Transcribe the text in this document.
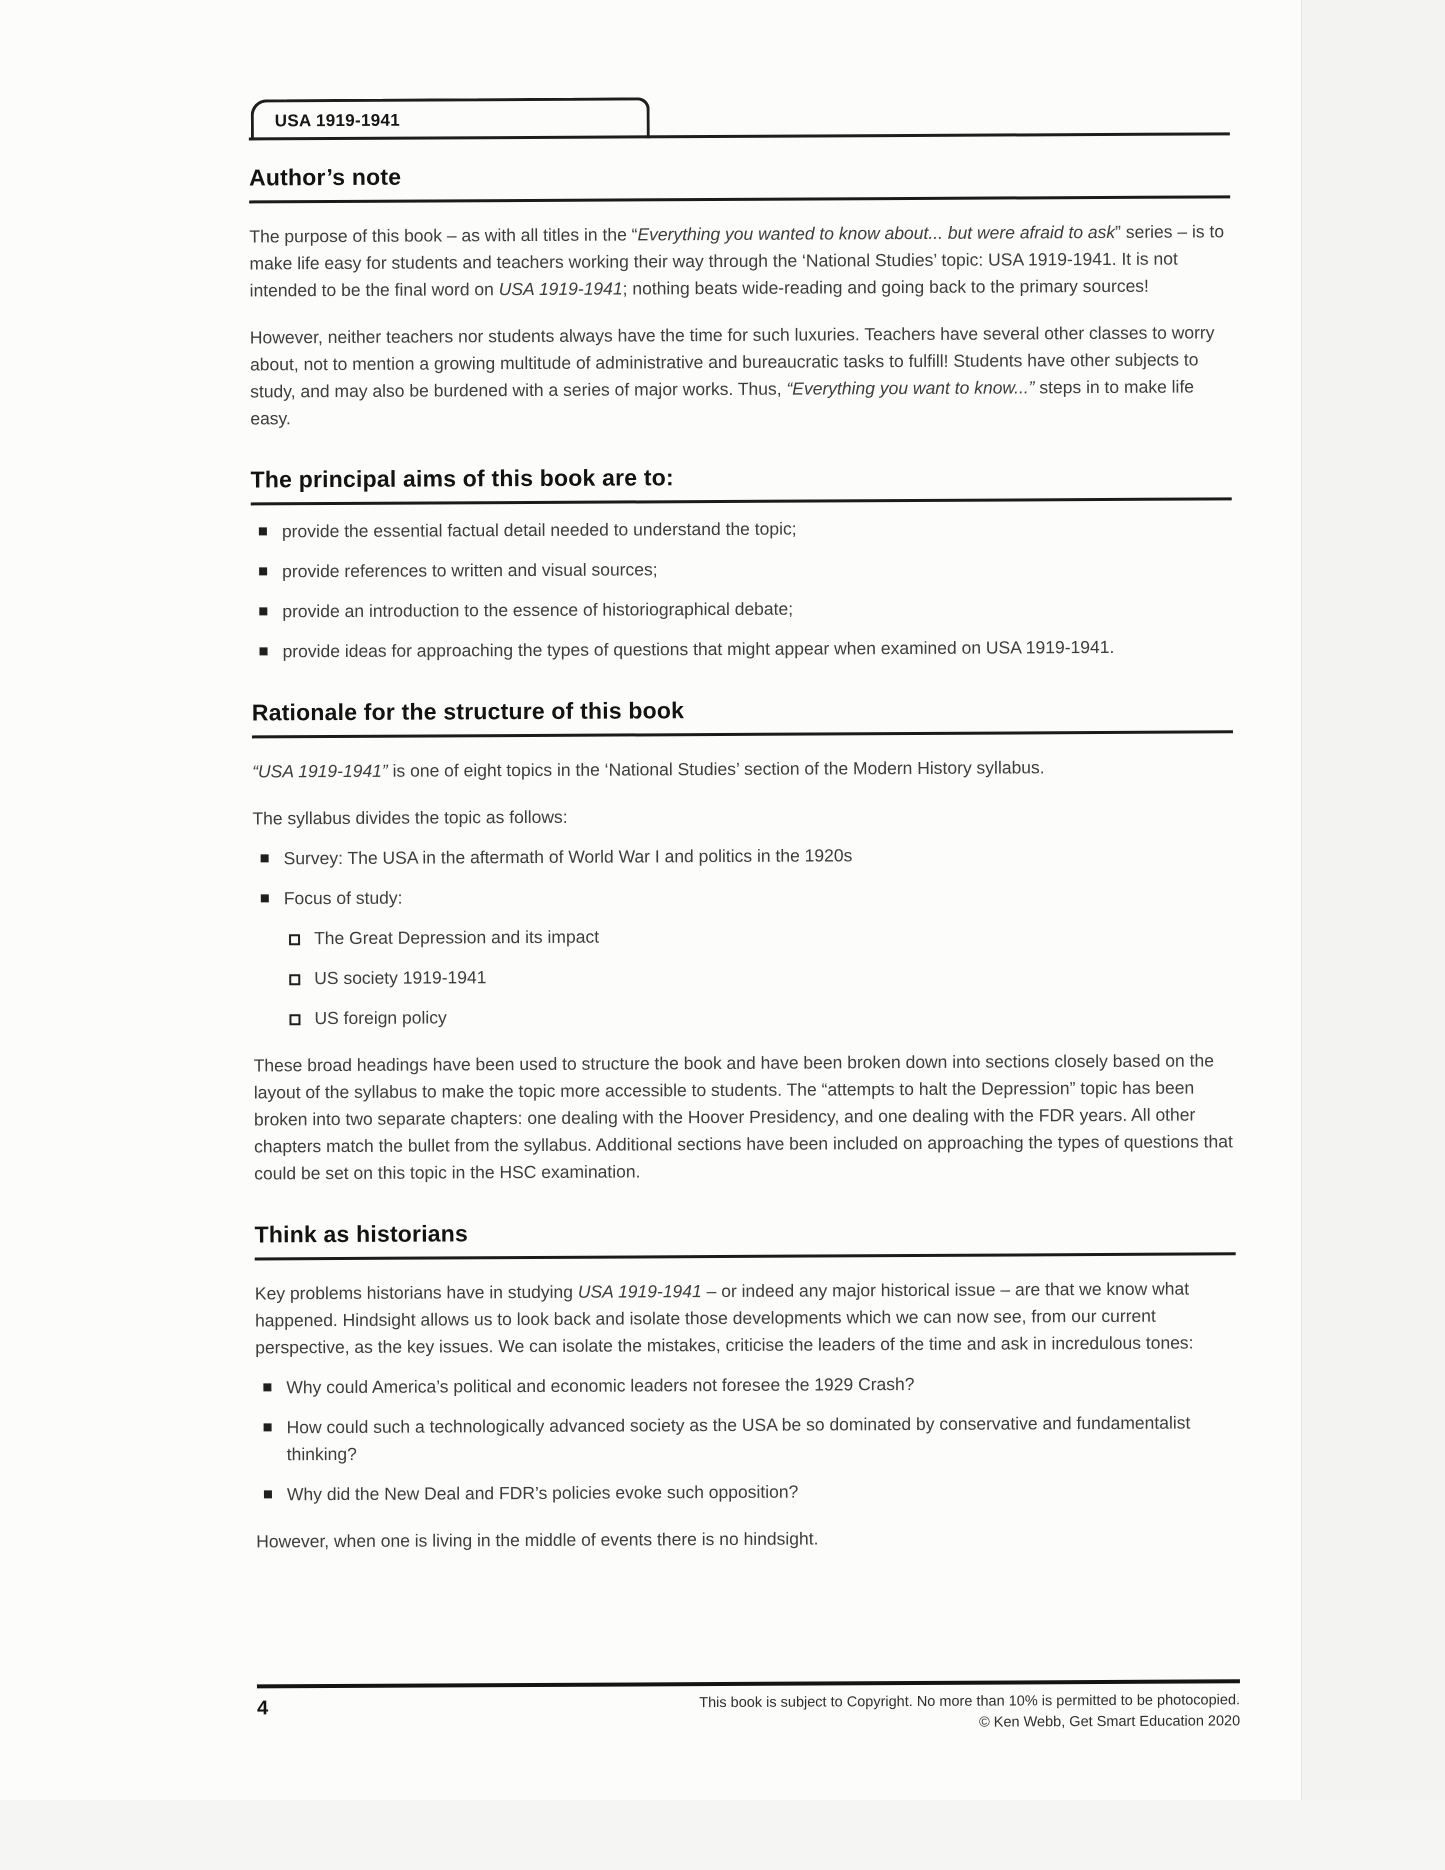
USA 1919-1941
Author’s note

The purpose of this book – as with all titles in the “Everything you wanted to know about... but were afraid to ask” series – is to make life easy for students and teachers working their way through the ‘National Studies’ topic: USA 1919-1941. It is not intended to be the final word on USA 1919-1941; nothing beats wide-reading and going back to the primary sources!

However, neither teachers nor students always have the time for such luxuries. Teachers have several other classes to worry about, not to mention a growing multitude of administrative and bureaucratic tasks to fulfill! Students have other subjects to study, and may also be burdened with a series of major works. Thus, “Everything you want to know...” steps in to make life easy.

The principal aims of this book are to:
provide the essential factual detail needed to understand the topic;
provide references to written and visual sources;
provide an introduction to the essence of historiographical debate;
provide ideas for approaching the types of questions that might appear when examined on USA 1919-1941.
Rationale for the structure of this book

“USA 1919-1941” is one of eight topics in the ‘National Studies’ section of the Modern History syllabus.

The syllabus divides the topic as follows:

Survey: The USA in the aftermath of World War I and politics in the 1920s
Focus of study:
The Great Depression and its impact
US society 1919-1941
US foreign policy

These broad headings have been used to structure the book and have been broken down into sections closely based on the layout of the syllabus to make the topic more accessible to students. The “attempts to halt the Depression” topic has been broken into two separate chapters: one dealing with the Hoover Presidency, and one dealing with the FDR years. All other chapters match the bullet from the syllabus. Additional sections have been included on approaching the types of questions that could be set on this topic in the HSC examination.

Think as historians

Key problems historians have in studying USA 1919-1941 – or indeed any major historical issue – are that we know what happened. Hindsight allows us to look back and isolate those developments which we can now see, from our current perspective, as the key issues. We can isolate the mistakes, criticise the leaders of the time and ask in incredulous tones:

Why could America’s political and economic leaders not foresee the 1929 Crash?
How could such a technologically advanced society as the USA be so dominated by conservative and fundamentalist thinking?
Why did the New Deal and FDR’s policies evoke such opposition?

However, when one is living in the middle of events there is no hindsight.

4	This book is subject to Copyright. No more than 10% is permitted to be photocopied.
© Ken Webb, Get Smart Education 2020
